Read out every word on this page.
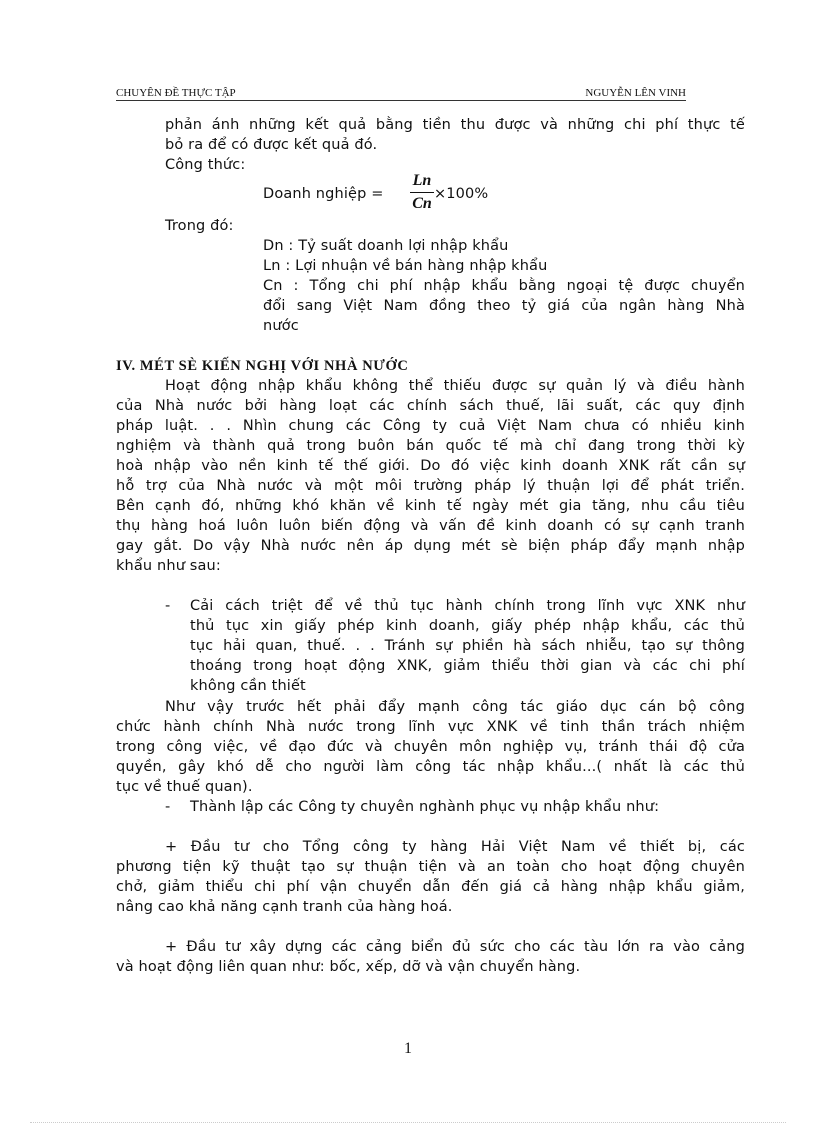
CHUYÊN ĐỀ THỰC TẬP	NGUYỄN LÊN VINH
phản ánh những kết quả bằng tiền thu được và những chi phí thực tế
bỏ ra để có được kết quả đó.
Công thức:
Doanh nghiệp =
Ln
Cn
×100%
Trong đó:
Dn : Tỷ suất doanh lợi nhập khẩu
Ln : Lợi nhuận về bán hàng nhập khẩu
Cn : Tổng chi phí nhập khẩu bằng ngoại tệ được chuyển
đổi sang Việt Nam đồng theo tỷ giá của ngân hàng Nhà
nước
IV. MÉT SÈ KIẾN NGHỊ VỚI NHÀ NƯỚC
Hoạt động nhập khẩu không thể thiếu được sự quản lý và điều hành
của Nhà nước bởi hàng loạt các chính sách thuế, lãi suất, các quy định
pháp luật. . . Nhìn chung các Công ty cuả Việt Nam chưa có nhiều kinh
nghiệm và thành quả trong buôn bán quốc tế mà chỉ đang trong thời kỳ
hoà nhập vào nền kinh tế thế giới. Do đó việc kinh doanh XNK rất cần sự
hỗ trợ của Nhà nước và một môi trường pháp lý thuận lợi để phát triển.
Bên cạnh đó, những khó khăn về kinh tế ngày mét gia tăng, nhu cầu tiêu
thụ hàng hoá luôn luôn biến động và vấn đề kinh doanh có sự cạnh tranh
gay gắt. Do vậy Nhà nước nên áp dụng mét sè biện pháp đẩy mạnh nhập
khẩu như sau:
- Cải cách triệt để về thủ tục hành chính trong lĩnh vực XNK như
thủ tục xin giấy phép kinh doanh, giấy phép nhập khẩu, các thủ
tục hải quan, thuế. . . Tránh sự phiền hà sách nhiễu, tạo sự thông
thoáng trong hoạt động XNK, giảm thiểu thời gian và các chi phí
không cần thiết
Như vậy trước hết phải đẩy mạnh công tác giáo dục cán bộ công
chức hành chính Nhà nước trong lĩnh vực XNK về tinh thần trách nhiệm
trong công việc, về đạo đức và chuyên môn nghiệp vụ, tránh thái độ cửa
quyền, gây khó dễ cho người làm công tác nhập khẩu...( nhất là các thủ
tục về thuế quan).
- Thành lập các Công ty chuyên nghành phục vụ nhập khẩu như:
+ Đầu tư cho Tổng công ty hàng Hải Việt Nam về thiết bị, các
phương tiện kỹ thuật tạo sự thuận tiện và an toàn cho hoạt động chuyên
chở, giảm thiểu chi phí vận chuyển dẫn đến giá cả hàng nhập khẩu giảm,
nâng cao khả năng cạnh tranh của hàng hoá.
+ Đầu tư xây dựng các cảng biển đủ sức cho các tàu lớn ra vào cảng
và hoạt động liên quan như: bốc, xếp, dỡ và vận chuyển hàng.
1
